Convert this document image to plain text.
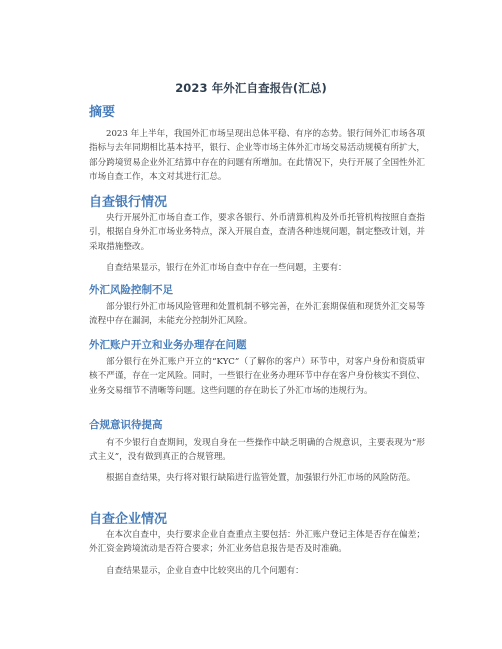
2023 年外汇自查报告(汇总)
摘要

2023 年上半年，我国外汇市场呈现出总体平稳、有序的态势。银行间外汇市场各项指标与去年同期相比基本持平，银行、企业等市场主体外汇市场交易活动规模有所扩大，部分跨境贸易企业外汇结算中存在的问题有所增加。在此情况下，央行开展了全国性外汇市场自查工作，本文对其进行汇总。

自查银行情况

央行开展外汇市场自查工作，要求各银行、外币清算机构及外币托管机构按照自查指引，根据自身外汇市场业务特点，深入开展自查，查清各种违规问题，制定整改计划，并采取措施整改。

自查结果显示，银行在外汇市场自查中存在一些问题，主要有：

外汇风险控制不足

部分银行外汇市场风险管理和处置机制不够完善，在外汇套期保值和现货外汇交易等流程中存在漏洞，未能充分控制外汇风险。

外汇账户开立和业务办理存在问题

部分银行在外汇账户开立的“KYC”（了解你的客户）环节中，对客户身份和资质审核不严谨，存在一定风险。同时，一些银行在业务办理环节中存在客户身份核实不到位、业务交易细节不清晰等问题。这些问题的存在助长了外汇市场的违规行为。

合规意识待提高

有不少银行自查期间，发现自身在一些操作中缺乏明确的合规意识，主要表现为“形式主义”，没有做到真正的合规管理。

根据自查结果，央行将对银行缺陷进行监管处置，加强银行外汇市场的风险防范。

自查企业情况

在本次自查中，央行要求企业自查重点主要包括：外汇账户登记主体是否存在偏差；外汇资金跨境流动是否符合要求；外汇业务信息报告是否及时准确。

自查结果显示，企业自查中比较突出的几个问题有：
